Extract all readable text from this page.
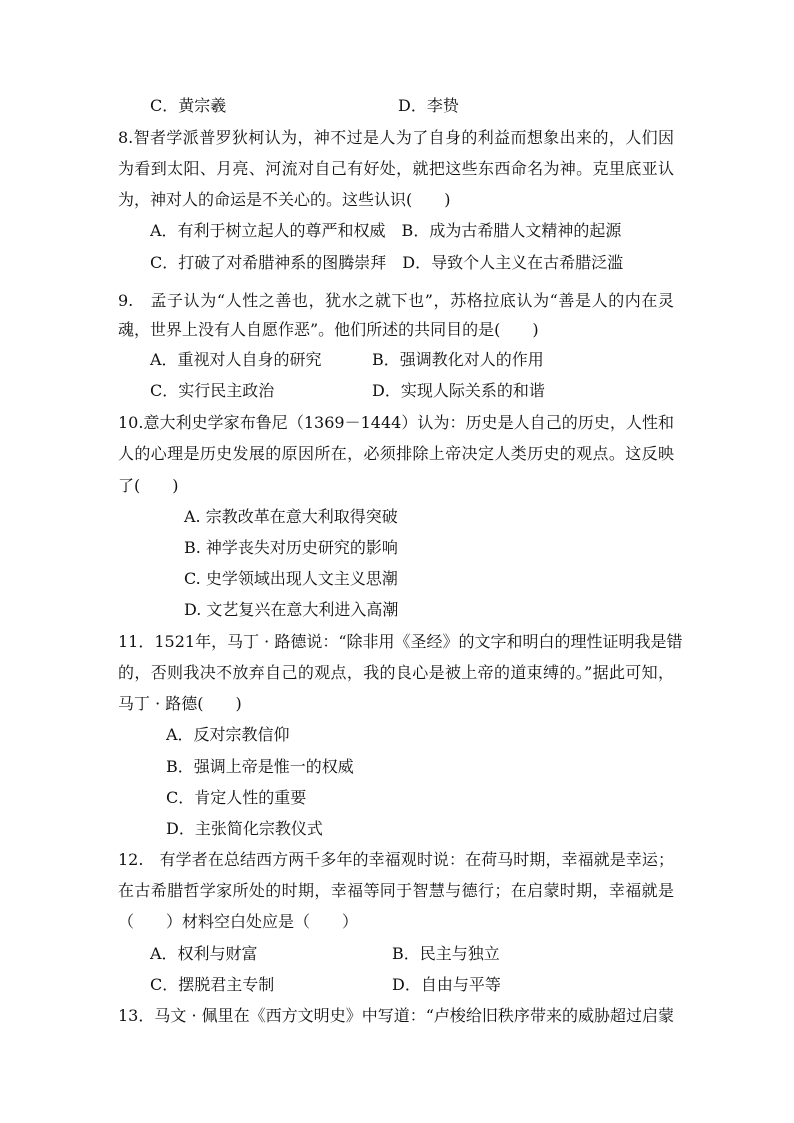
C．黄宗羲	D．李贽
8.智者学派普罗狄柯认为，神不过是人为了自身的利益而想象出来的，人们因
为看到太阳、月亮、河流对自己有好处，就把这些东西命名为神。克里底亚认
为，神对人的命运是不关心的。这些认识(　　)
A．有利于树立起人的尊严和权威　B．成为古希腊人文精神的起源
C．打破了对希腊神系的图腾崇拜　D．导致个人主义在古希腊泛滥
9.　孟子认为“人性之善也，犹水之就下也”，苏格拉底认为“善是人的内在灵
魂，世界上没有人自愿作恶”。他们所述的共同目的是(　　)
A．重视对人自身的研究	B．强调教化对人的作用
C．实行民主政治	D．实现人际关系的和谐
10.意大利史学家布鲁尼（1369－1444）认为：历史是人自己的历史，人性和
人的心理是历史发展的原因所在，必须排除上帝决定人类历史的观点。这反映
了(　　)
A. 宗教改革在意大利取得突破
B. 神学丧失对历史研究的影响
C. 史学领域出现人文主义思潮
D. 文艺复兴在意大利进入高潮
11．1521年，马丁 · 路德说：“除非用《圣经》的文字和明白的理性证明我是错
的，否则我决不放弃自己的观点，我的良心是被上帝的道束缚的。”据此可知，
马丁 · 路德(　　)
A．反对宗教信仰
B．强调上帝是惟一的权威
C．肯定人性的重要
D．主张简化宗教仪式
12.　有学者在总结西方两千多年的幸福观时说：在荷马时期，幸福就是幸运；
在古希腊哲学家所处的时期，幸福等同于智慧与德行；在启蒙时期，幸福就是
（　　）材料空白处应是（　　）
A．权利与财富	B．民主与独立
C．摆脱君主专制	D．自由与平等
13．马文 · 佩里在《西方文明史》中写道：“卢梭给旧秩序带来的威胁超过启蒙
